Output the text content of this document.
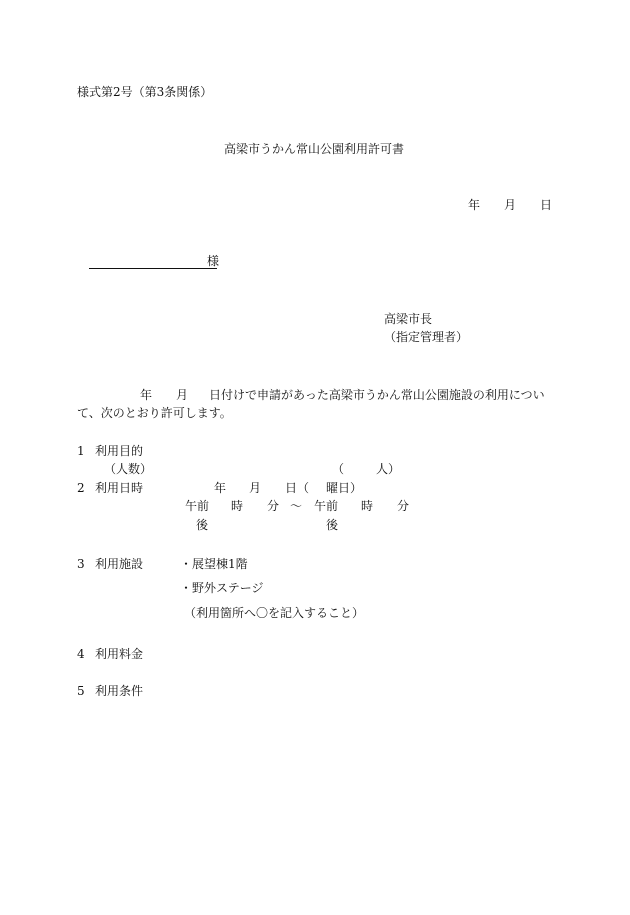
様式第2号（第3条関係）
高梁市うかん常山公園利用許可書
年 月 日
様
高梁市長
（指定管理者）
年 月 日付けで申請があった高梁市うかん常山公園施設の利用につい
て、次のとおり許可します。
1 利用目的
（人数）	（	人）
2 利用日時	年 月 日（ 曜日）
午前 時 分 ～ 午前 時 分
後	後
3 利用施設	・展望棟1階
・野外ステージ
（利用箇所へ〇を記入すること）
4 利用料金
5 利用条件
